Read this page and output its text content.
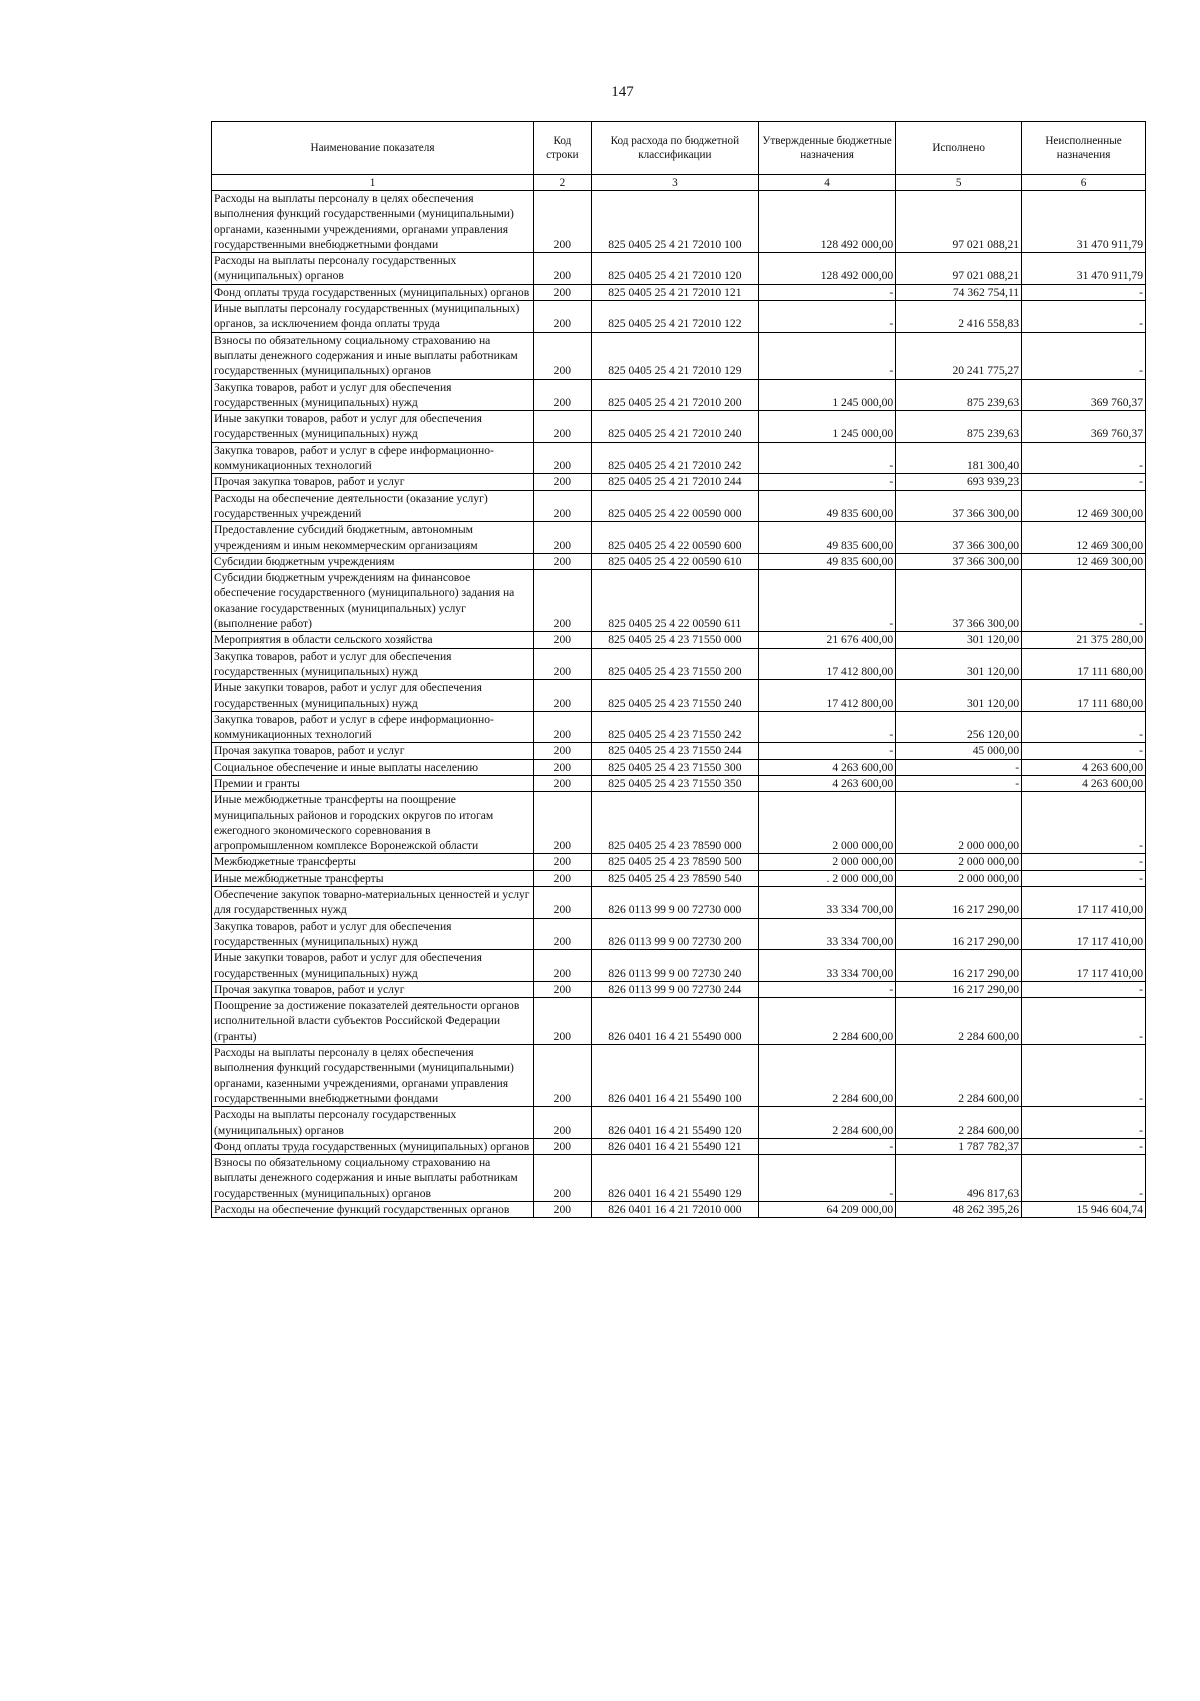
147
Наименование показателя	Код строки	Код расхода по бюджетной классификации	Утвержденные бюджетные назначения	Исполнено	Неисполненные назначения
1	2	3	4	5	6
Расходы на выплаты персоналу в целях обеспечения выполнения функций государственными (муниципальными) органами, казенными учреждениями, органами управления государственными внебюджетными фондами	200	825 0405 25 4 21 72010 100	128 492 000,00	97 021 088,21	31 470 911,79
Расходы на выплаты персоналу государственных (муниципальных) органов	200	825 0405 25 4 21 72010 120	128 492 000,00	97 021 088,21	31 470 911,79
Фонд оплаты труда государственных (муниципальных) органов	200	825 0405 25 4 21 72010 121	-	74 362 754,11	-
Иные выплаты персоналу государственных (муниципальных) органов, за исключением фонда оплаты труда	200	825 0405 25 4 21 72010 122	-	2 416 558,83	-
Взносы по обязательному социальному страхованию на выплаты денежного содержания и иные выплаты работникам государственных (муниципальных) органов	200	825 0405 25 4 21 72010 129	-	20 241 775,27	-
Закупка товаров, работ и услуг для обеспечения государственных (муниципальных) нужд	200	825 0405 25 4 21 72010 200	1 245 000,00	875 239,63	369 760,37
Иные закупки товаров, работ и услуг для обеспечения государственных (муниципальных) нужд	200	825 0405 25 4 21 72010 240	1 245 000,00	875 239,63	369 760,37
Закупка товаров, работ и услуг в сфере информационно-коммуникационных технологий	200	825 0405 25 4 21 72010 242	-	181 300,40	-
Прочая закупка товаров, работ и услуг	200	825 0405 25 4 21 72010 244	-	693 939,23	-
Расходы на обеспечение деятельности (оказание услуг) государственных учреждений	200	825 0405 25 4 22 00590 000	49 835 600,00	37 366 300,00	12 469 300,00
Предоставление субсидий бюджетным, автономным учреждениям и иным некоммерческим организациям	200	825 0405 25 4 22 00590 600	49 835 600,00	37 366 300,00	12 469 300,00
Субсидии бюджетным учреждениям	200	825 0405 25 4 22 00590 610	49 835 600,00	37 366 300,00	12 469 300,00
Субсидии бюджетным учреждениям на финансовое обеспечение государственного (муниципального) задания на оказание государственных (муниципальных) услуг (выполнение работ)	200	825 0405 25 4 22 00590 611	-	37 366 300,00	-
Мероприятия в области сельского хозяйства	200	825 0405 25 4 23 71550 000	21 676 400,00	301 120,00	21 375 280,00
Закупка товаров, работ и услуг для обеспечения государственных (муниципальных) нужд	200	825 0405 25 4 23 71550 200	17 412 800,00	301 120,00	17 111 680,00
Иные закупки товаров, работ и услуг для обеспечения государственных (муниципальных) нужд	200	825 0405 25 4 23 71550 240	17 412 800,00	301 120,00	17 111 680,00
Закупка товаров, работ и услуг в сфере информационно-коммуникационных технологий	200	825 0405 25 4 23 71550 242	-	256 120,00	-
Прочая закупка товаров, работ и услуг	200	825 0405 25 4 23 71550 244	-	45 000,00	-
Социальное обеспечение и иные выплаты населению	200	825 0405 25 4 23 71550 300	4 263 600,00	-	4 263 600,00
Премии и гранты	200	825 0405 25 4 23 71550 350	4 263 600,00	-	4 263 600,00
Иные межбюджетные трансферты на поощрение муниципальных районов и городских округов по итогам ежегодного экономического соревнования в агропромышленном комплексе Воронежской области	200	825 0405 25 4 23 78590 000	2 000 000,00	2 000 000,00	-
Межбюджетные трансферты	200	825 0405 25 4 23 78590 500	2 000 000,00	2 000 000,00	-
Иные межбюджетные трансферты	200	825 0405 25 4 23 78590 540	. 2 000 000,00	2 000 000,00	-
Обеспечение закупок товарно-материальных ценностей и услуг для государственных нужд	200	826 0113 99 9 00 72730 000	33 334 700,00	16 217 290,00	17 117 410,00
Закупка товаров, работ и услуг для обеспечения государственных (муниципальных) нужд	200	826 0113 99 9 00 72730 200	33 334 700,00	16 217 290,00	17 117 410,00
Иные закупки товаров, работ и услуг для обеспечения государственных (муниципальных) нужд	200	826 0113 99 9 00 72730 240	33 334 700,00	16 217 290,00	17 117 410,00
Прочая закупка товаров, работ и услуг	200	826 0113 99 9 00 72730 244	-	16 217 290,00	-
Поощрение за достижение показателей деятельности органов исполнительной власти субъектов Российской Федерации (гранты)	200	826 0401 16 4 21 55490 000	2 284 600,00	2 284 600,00	-
Расходы на выплаты персоналу в целях обеспечения выполнения функций государственными (муниципальными) органами, казенными учреждениями, органами управления государственными внебюджетными фондами	200	826 0401 16 4 21 55490 100	2 284 600,00	2 284 600,00	-
Расходы на выплаты персоналу государственных (муниципальных) органов	200	826 0401 16 4 21 55490 120	2 284 600,00	2 284 600,00	-
Фонд оплаты труда государственных (муниципальных) органов	200	826 0401 16 4 21 55490 121	-	1 787 782,37	-
Взносы по обязательному социальному страхованию на выплаты денежного содержания и иные выплаты работникам государственных (муниципальных) органов	200	826 0401 16 4 21 55490 129	-	496 817,63	-
Расходы на обеспечение функций государственных органов	200	826 0401 16 4 21 72010 000	64 209 000,00	48 262 395,26	15 946 604,74
